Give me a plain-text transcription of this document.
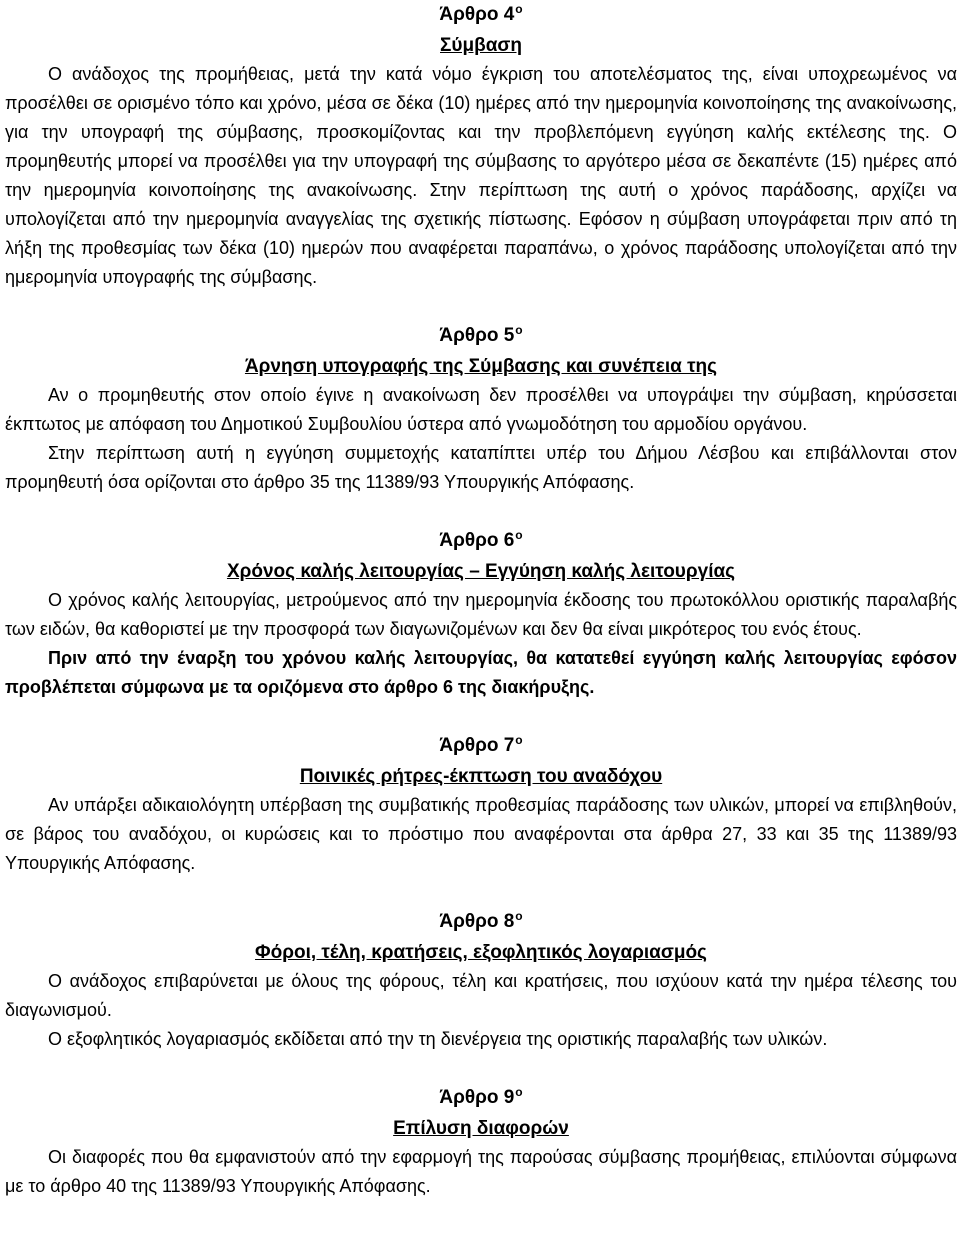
Άρθρο $4^o$
Σύμβαση

Ο ανάδοχος της προμήθειας, μετά την κατά νόμο έγκριση του αποτελέσματος της, είναι υποχρεωμένος να προσέλθει σε ορισμένο τόπο και χρόνο, μέσα σε δέκα (10) ημέρες από την ημερομηνία κοινοποίησης της ανακοίνωσης, για την υπογραφή της σύμβασης, προσκομίζοντας και την προβλεπόμενη εγγύηση καλής εκτέλεσης της. Ο προμηθευτής μπορεί να προσέλθει για την υπογραφή της σύμβασης το αργότερο μέσα σε δεκαπέντε (15) ημέρες από την ημερομηνία κοινοποίησης της ανακοίνωσης. Στην περίπτωση της αυτή ο χρόνος παράδοσης, αρχίζει να υπολογίζεται από την ημερομηνία αναγγελίας της σχετικής πίστωσης. Εφόσον η σύμβαση υπογράφεται πριν από τη λήξη της προθεσμίας των δέκα (10) ημερών που αναφέρεται παραπάνω, ο χρόνος παράδοσης υπολογίζεται από την ημερομηνία υπογραφής της σύμβασης.

Άρθρο $5^o$
Άρνηση υπογραφής της Σύμβασης και συνέπεια της

Αν ο προμηθευτής στον οποίο έγινε η ανακοίνωση δεν προσέλθει να υπογράψει την σύμβαση, κηρύσσεται έκπτωτος με απόφαση του Δημοτικού Συμβουλίου ύστερα από γνωμοδότηση του αρμοδίου οργάνου.

Στην περίπτωση αυτή η εγγύηση συμμετοχής καταπίπτει υπέρ του Δήμου Λέσβου και επιβάλλονται στον προμηθευτή όσα ορίζονται στο άρθρο 35 της 11389/93 Υπουργικής Απόφασης.

Άρθρο $6^o$
Χρόνος καλής λειτουργίας – Εγγύηση καλής λειτουργίας

Ο χρόνος καλής λειτουργίας, μετρούμενος από την ημερομηνία έκδοσης του πρωτοκόλλου οριστικής παραλαβής των ειδών, θα καθοριστεί με την προσφορά των διαγωνιζομένων και δεν θα είναι μικρότερος του ενός έτους.

Πριν από την έναρξη του χρόνου καλής λειτουργίας, θα κατατεθεί εγγύηση καλής λειτουργίας εφόσον προβλέπεται σύμφωνα με τα οριζόμενα στο άρθρο 6 της διακήρυξης.

Άρθρο $7^o$
Ποινικές ρήτρες-έκπτωση του αναδόχου

Αν υπάρξει αδικαιολόγητη υπέρβαση της συμβατικής προθεσμίας παράδοσης των υλικών, μπορεί να επιβληθούν, σε βάρος του αναδόχου, οι κυρώσεις και το πρόστιμο που αναφέρονται στα άρθρα 27, 33 και 35 της 11389/93 Υπουργικής Απόφασης.

Άρθρο $8^o$
Φόροι, τέλη, κρατήσεις, εξοφλητικός λογαριασμός

Ο ανάδοχος επιβαρύνεται με όλους της φόρους, τέλη και κρατήσεις, που ισχύουν κατά την ημέρα τέλεσης του διαγωνισμού.

Ο εξοφλητικός λογαριασμός εκδίδεται από την τη διενέργεια της οριστικής παραλαβής των υλικών.

Άρθρο $9^o$
Επίλυση διαφορών

Οι διαφορές που θα εμφανιστούν από την εφαρμογή της παρούσας σύμβασης προμήθειας, επιλύονται σύμφωνα με το άρθρο 40 της 11389/93 Υπουργικής Απόφασης.
